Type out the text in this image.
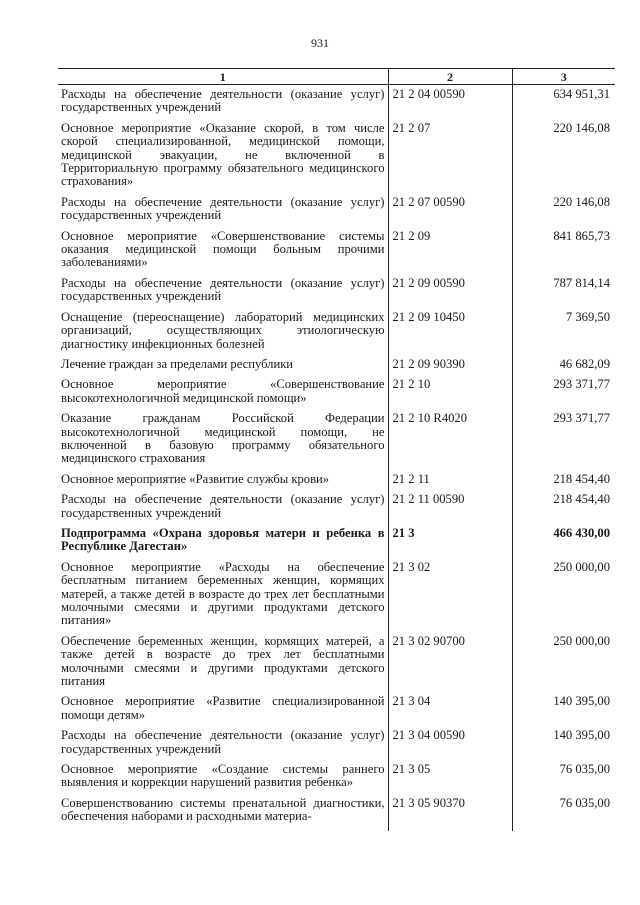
931
1	2	3
Расходы на обеспечение деятельности (оказание услуг) государственных учреждений	21 2 04 00590	634 951,31
Основное мероприятие «Оказание скорой, в том числе скорой специализированной, медицинской помощи, медицинской эвакуации, не включенной в Территориальную программу обязательного медицинского страхования»	21 2 07	220 146,08
Расходы на обеспечение деятельности (оказание услуг) государственных учреждений	21 2 07 00590	220 146,08
Основное мероприятие «Совершенствование системы оказания медицинской помощи больным прочими заболеваниями»	21 2 09	841 865,73
Расходы на обеспечение деятельности (оказание услуг) государственных учреждений	21 2 09 00590	787 814,14
Оснащение (переоснащение) лабораторий медицинских организаций, осуществляющих этиологическую диагностику инфекционных болезней	21 2 09 10450	7 369,50
Лечение граждан за пределами республики	21 2 09 90390	46 682,09
Основное мероприятие «Совершенствование высокотехнологичной медицинской помощи»	21 2 10	293 371,77
Оказание гражданам Российской Федерации высокотехнологичной медицинской помощи, не включенной в базовую программу обязательного медицинского страхования	21 2 10 R4020	293 371,77
Основное мероприятие «Развитие службы крови»	21 2 11	218 454,40
Расходы на обеспечение деятельности (оказание услуг) государственных учреждений	21 2 11 00590	218 454,40
Подпрограмма «Охрана здоровья матери и ребенка в Республике Дагестан»	21 3	466 430,00
Основное мероприятие «Расходы на обеспечение бесплатным питанием беременных женщин, кормящих матерей, а также детей в возрасте до трех лет бесплатными молочными смесями и другими продуктами детского питания»	21 3 02	250 000,00
Обеспечение беременных женщин, кормящих матерей, а также детей в возрасте до трех лет бесплатными молочными смесями и другими продуктами детского питания	21 3 02 90700	250 000,00
Основное мероприятие «Развитие специализированной помощи детям»	21 3 04	140 395,00
Расходы на обеспечение деятельности (оказание услуг) государственных учреждений	21 3 04 00590	140 395,00
Основное мероприятие «Создание системы раннего выявления и коррекции нарушений развития ребенка»	21 3 05	76 035,00
Совершенствованию системы пренатальной диагностики, обеспечения наборами и расходными материа-	21 3 05 90370	76 035,00
